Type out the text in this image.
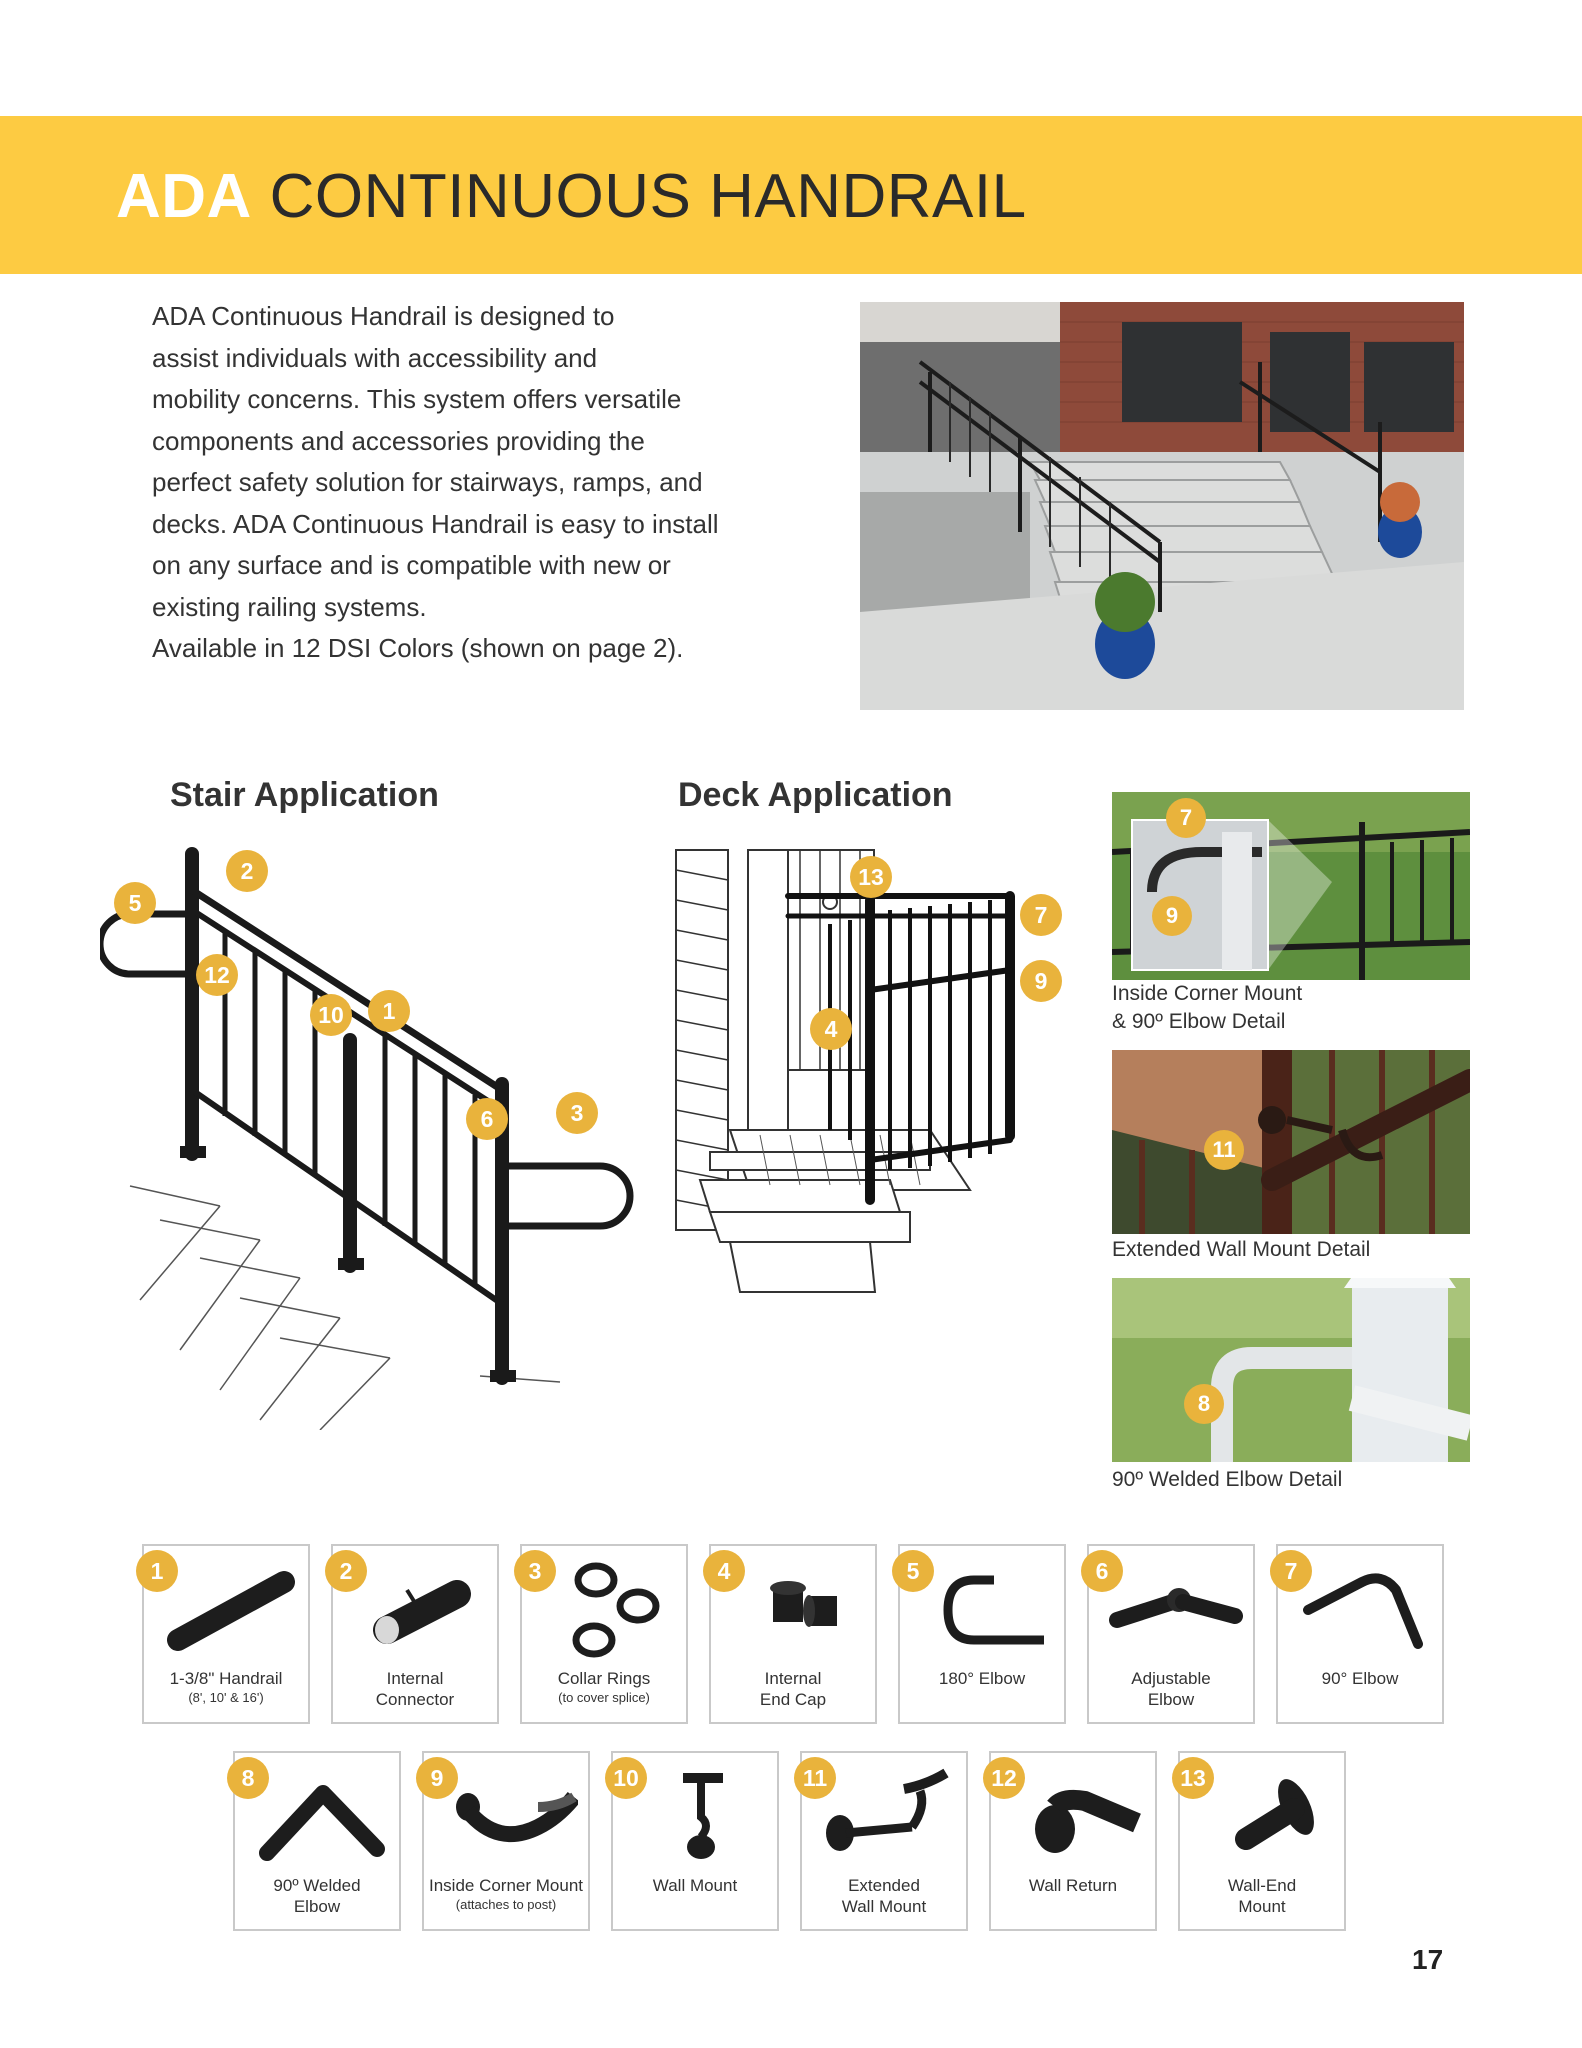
ADA CONTINUOUS HANDRAIL

ADA Continuous Handrail is designed to

assist individuals with accessibility and

mobility concerns. This system offers versatile

components and accessories providing the

perfect safety solution for stairways, ramps, and

decks. ADA Continuous Handrail is easy to install

on any surface and is compatible with new or

existing railing systems.

Available in 12 DSI Colors (shown on page 2).

Stair Application	Deck Application
5
2
12
10	1
6	3
13
7
9
4
7
9
Inside Corner Mount
& 90º Elbow Detail
11
Extended Wall Mount Detail
8
90º Welded Elbow Detail
1-3/8" Handrail
(8', 10' & 16')
Internal
Connector
Collar Rings
(to cover splice)
Internal
End Cap
180° Elbow	Adjustable
Elbow
90° Elbow
90º Welded
Elbow
Inside Corner Mount
(attaches to post)
Wall Mount	Extended
Wall Mount
Wall Return	Wall-End
Mount
1	2	3	4	5	6	7
8	9	10	11	12	13
17
